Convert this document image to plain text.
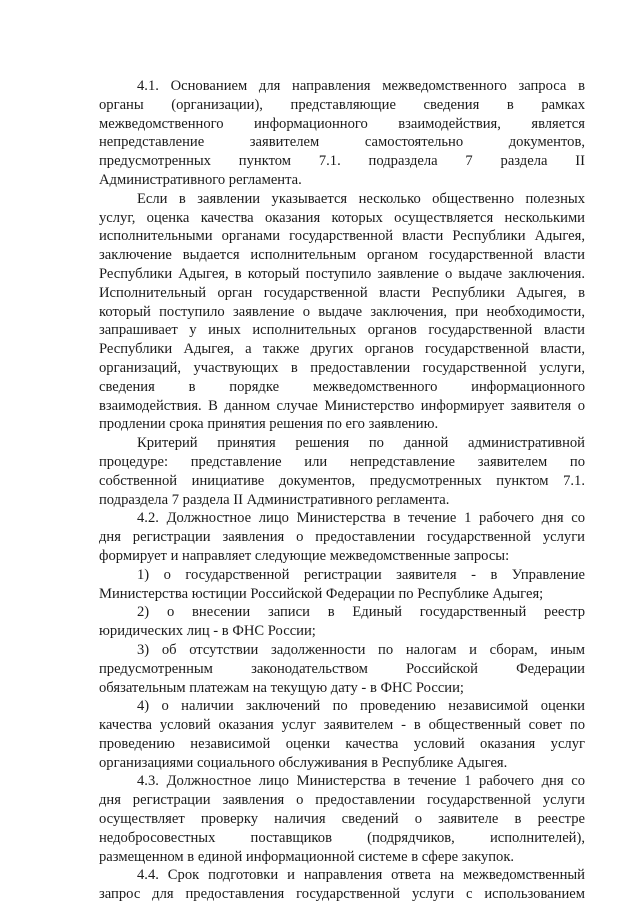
4.1. Основанием для направления межведомственного запроса в
органы (организации), представляющие сведения в рамках
межведомственного информационного взаимодействия, является
непредставление заявителем самостоятельно документов,
предусмотренных пунктом 7.1. подраздела 7 раздела II
Административного регламента.
Если в заявлении указывается несколько общественно полезных
услуг, оценка качества оказания которых осуществляется несколькими
исполнительными органами государственной власти Республики Адыгея,
заключение выдается исполнительным органом государственной власти
Республики Адыгея, в который поступило заявление о выдаче заключения.
Исполнительный орган государственной власти Республики Адыгея, в
который поступило заявление о выдаче заключения, при необходимости,
запрашивает у иных исполнительных органов государственной власти
Республики Адыгея, а также других органов государственной власти,
организаций, участвующих в предоставлении государственной услуги,
сведения в порядке межведомственного информационного
взаимодействия. В данном случае Министерство информирует заявителя о
продлении срока принятия решения по его заявлению.
Критерий принятия решения по данной административной
процедуре: представление или непредставление заявителем по
собственной инициативе документов, предусмотренных пунктом 7.1.
подраздела 7 раздела II Административного регламента.
4.2. Должностное лицо Министерства в течение 1 рабочего дня со
дня регистрации заявления о предоставлении государственной услуги
формирует и направляет следующие межведомственные запросы:
1) о государственной регистрации заявителя - в Управление
Министерства юстиции Российской Федерации по Республике Адыгея;
2) о внесении записи в Единый государственный реестр
юридических лиц - в ФНС России;
3) об отсутствии задолженности по налогам и сборам, иным
предусмотренным законодательством Российской Федерации
обязательным платежам на текущую дату - в ФНС России;
4) о наличии заключений по проведению независимой оценки
качества условий оказания услуг заявителем - в общественный совет по
проведению независимой оценки качества условий оказания услуг
организациями социального обслуживания в Республике Адыгея.
4.3. Должностное лицо Министерства в течение 1 рабочего дня со
дня регистрации заявления о предоставлении государственной услуги
осуществляет проверку наличия сведений о заявителе в реестре
недобросовестных поставщиков (подрядчиков, исполнителей),
размещенном в единой информационной системе в сфере закупок.
4.4. Срок подготовки и направления ответа на межведомственный
запрос для предоставления государственной услуги с использованием
